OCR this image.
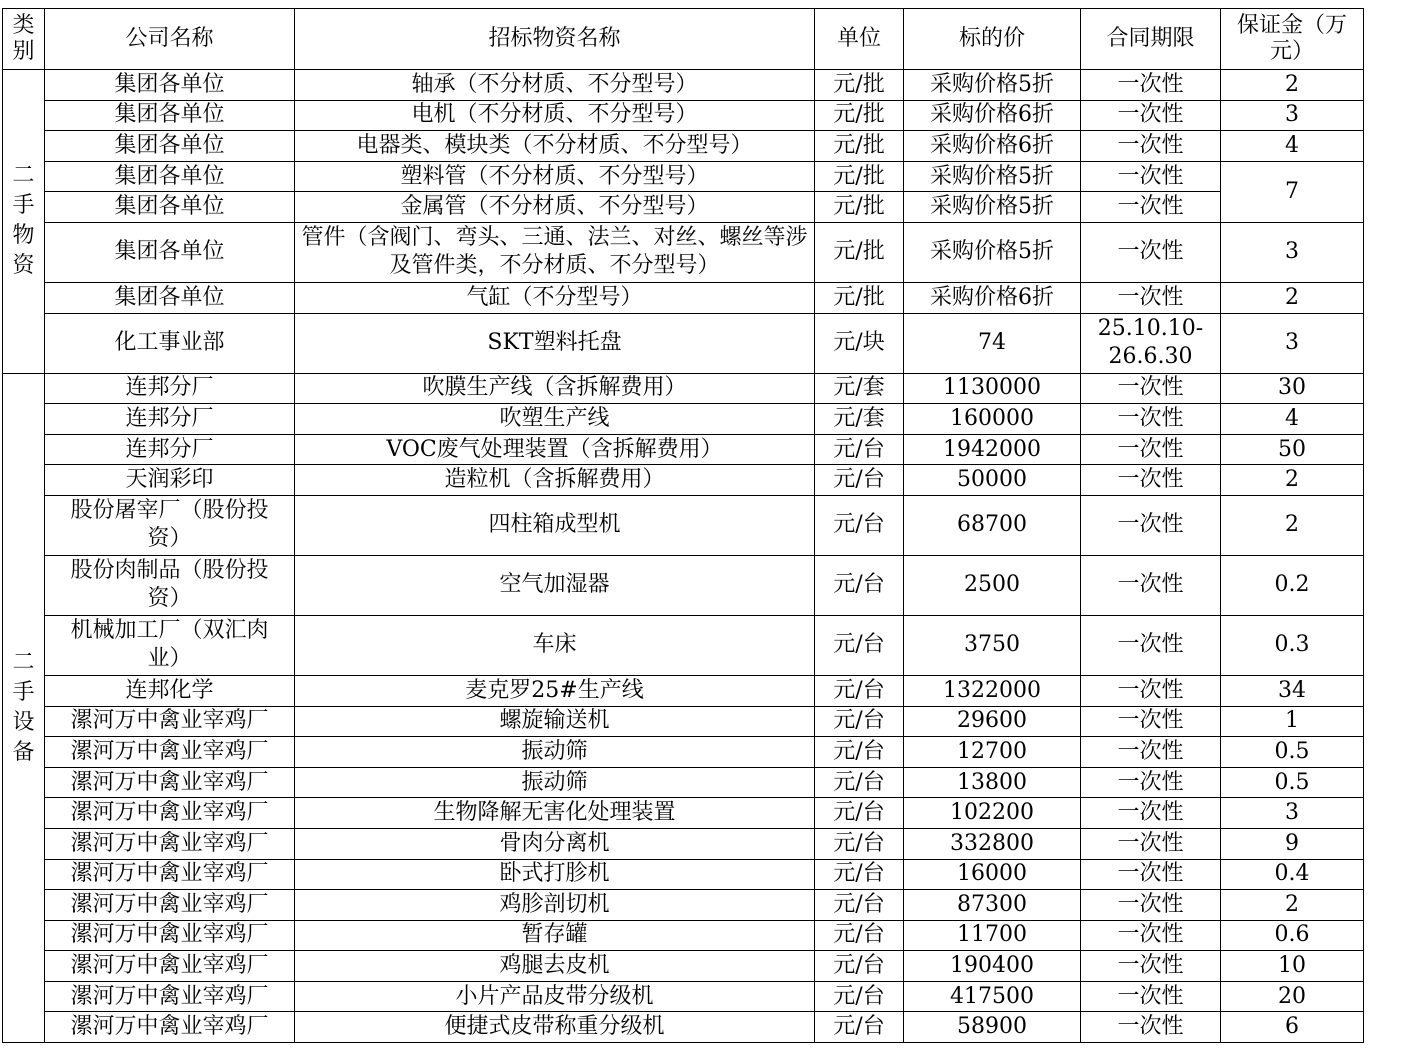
类别	公司名称	招标物资名称	单位	标的价	合同期限	保证金（万元）
二手物资	集团各单位	轴承（不分材质、不分型号）	元/批	采购价格5折	一次性	2
	集团各单位	电机（不分材质、不分型号）	元/批	采购价格6折	一次性	3
	集团各单位	电器类、模块类（不分材质、不分型号）	元/批	采购价格6折	一次性	4
	集团各单位	塑料管（不分材质、不分型号）	元/批	采购价格5折	一次性	7
	集团各单位	金属管（不分材质、不分型号）	元/批	采购价格5折	一次性	
	集团各单位	管件（含阀门、弯头、三通、法兰、对丝、螺丝等涉及管件类，不分材质、不分型号）	元/批	采购价格5折	一次性	3
	集团各单位	气缸（不分型号）	元/批	采购价格6折	一次性	2
	化工事业部	SKT塑料托盘	元/块	74	25.10.10-26.6.30	3
二手设备	连邦分厂	吹膜生产线（含拆解费用）	元/套	1130000	一次性	30
	连邦分厂	吹塑生产线	元/套	160000	一次性	4
	连邦分厂	VOC废气处理装置（含拆解费用）	元/台	1942000	一次性	50
	天润彩印	造粒机（含拆解费用）	元/台	50000	一次性	2
	股份屠宰厂（股份投资）	四柱箱成型机	元/台	68700	一次性	2
	股份肉制品（股份投资）	空气加湿器	元/台	2500	一次性	0.2
	机械加工厂（双汇肉业）	车床	元/台	3750	一次性	0.3
	连邦化学	麦克罗25#生产线	元/台	1322000	一次性	34
	漯河万中禽业宰鸡厂	螺旋输送机	元/台	29600	一次性	1
	漯河万中禽业宰鸡厂	振动筛	元/台	12700	一次性	0.5
	漯河万中禽业宰鸡厂	振动筛	元/台	13800	一次性	0.5
	漯河万中禽业宰鸡厂	生物降解无害化处理装置	元/台	102200	一次性	3
	漯河万中禽业宰鸡厂	骨肉分离机	元/台	332800	一次性	9
	漯河万中禽业宰鸡厂	卧式打胗机	元/台	16000	一次性	0.4
	漯河万中禽业宰鸡厂	鸡胗剖切机	元/台	87300	一次性	2
	漯河万中禽业宰鸡厂	暂存罐	元/台	11700	一次性	0.6
	漯河万中禽业宰鸡厂	鸡腿去皮机	元/台	190400	一次性	10
	漯河万中禽业宰鸡厂	小片产品皮带分级机	元/台	417500	一次性	20
	漯河万中禽业宰鸡厂	便捷式皮带称重分级机	元/台	58900	一次性	6
